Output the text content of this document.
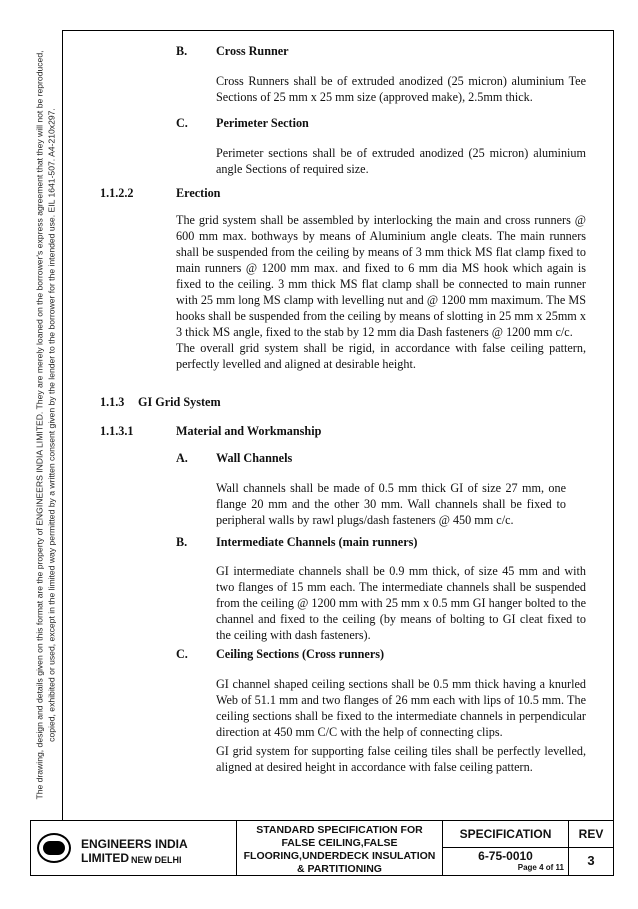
The drawing, design and details given on this format are the property of ENGINEERS INDIA LIMITED. They are merely loaned on the borrower's express agreement that they will not be reproduced, copied, exhibited or used, except in the limited way permitted by a written consent given by the lender to the borrower for the intended use. EIL 1641-507. A4-210x297.
B. Cross Runner
Cross Runners shall be of extruded anodized (25 micron) aluminium Tee Sections of 25 mm x 25 mm size (approved make), 2.5mm thick.
C. Perimeter Section
Perimeter sections shall be of extruded anodized (25 micron) aluminium angle Sections of required size.
1.1.2.2	Erection
The grid system shall be assembled by interlocking the main and cross runners @ 600 mm max. bothways by means of Aluminium angle cleats. The main runners shall be suspended from the ceiling by means of 3 mm thick MS flat clamp fixed to main runners @ 1200 mm max. and fixed to 6 mm dia MS hook which again is fixed to the ceiling. 3 mm thick MS flat clamp shall be connected to main runner with 25 mm long MS clamp with levelling nut and @ 1200 mm maximum. The MS hooks shall be suspended from the ceiling by means of slotting in 25 mm x 25mm x 3 thick MS angle, fixed to the stab by 12 mm dia Dash fasteners @ 1200 mm c/c.
The overall grid system shall be rigid, in accordance with false ceiling pattern, perfectly levelled and aligned at desirable height.
1.1.3 GI Grid System
1.1.3.1	Material and Workmanship
A. Wall Channels
Wall channels shall be made of 0.5 mm thick GI of size 27 mm, one flange 20 mm and the other 30 mm. Wall channels shall be fixed to peripheral walls by rawl plugs/dash fasteners @ 450 mm c/c.
B. Intermediate Channels (main runners)
GI intermediate channels shall be 0.9 mm thick, of size 45 mm and with two flanges of 15 mm each. The intermediate channels shall be suspended from the ceiling @ 1200 mm with 25 mm x 0.5 mm GI hanger bolted to the channel and fixed to the ceiling (by means of bolting to GI cleat fixed to the ceiling with dash fasteners).
C. Ceiling Sections (Cross runners)
GI channel shaped ceiling sections shall be 0.5 mm thick having a knurled Web of 51.1 mm and two flanges of 26 mm each with lips of 10.5 mm. The ceiling sections shall be fixed to the intermediate channels in perpendicular direction at 450 mm C/C with the help of connecting clips.
GI grid system for supporting false ceiling tiles shall be perfectly levelled, aligned at desired height in accordance with false ceiling pattern.
ENGINEERS INDIA LIMITED NEW DELHI
STANDARD SPECIFICATION FOR
FALSE CEILING,FALSE
FLOORING,UNDERDECK INSULATION
& PARTITIONING
SPECIFICATION
6-75-0010
Page 4 of 11
REV
3
